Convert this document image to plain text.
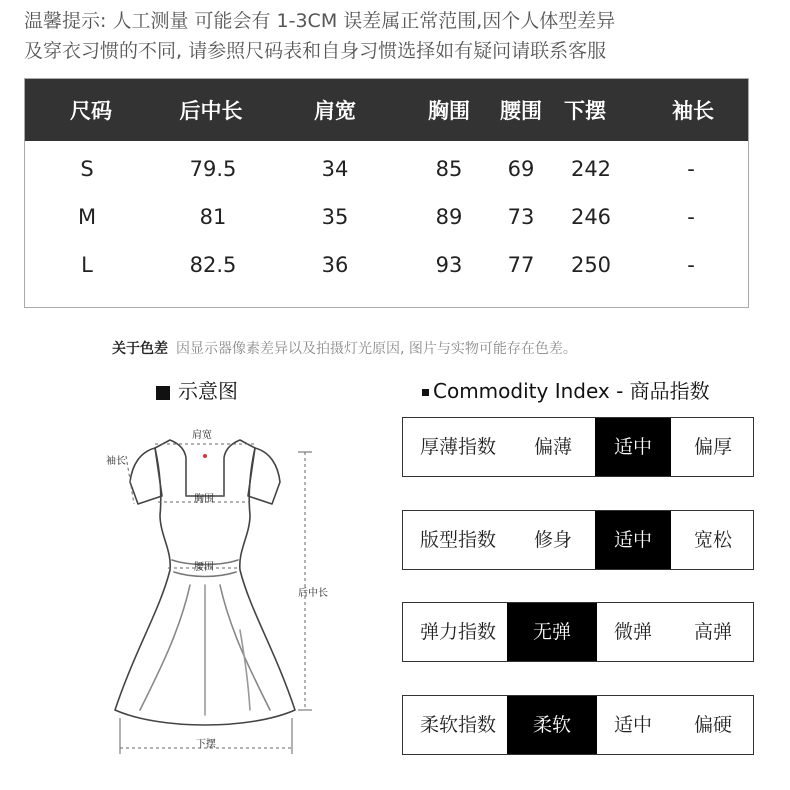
温馨提示: 人工测量 可能会有 1-3CM 误差属正常范围,因个人体型差异
及穿衣习惯的不同, 请参照尺码表和自身习惯选择如有疑问请联系客服
尺码	后中长	肩宽	胸围 腰围 下摆	袖长
S	79.5	34	85 69 242	-
M	81	35	89 73 246	-
L	82.5	36	93 77 250	-
关于色差 因显示器像素差异以及拍摄灯光原因, 图片与实物可能存在色差。
示意图	Commodity Index - 商品指数
肩宽
袖长
胸围
腰围
后中长
下摆
厚薄指数	偏薄	适中	偏厚
版型指数	修身	适中	宽松
弹力指数	无弹	微弹	高弹
柔软指数	柔软	适中	偏硬
